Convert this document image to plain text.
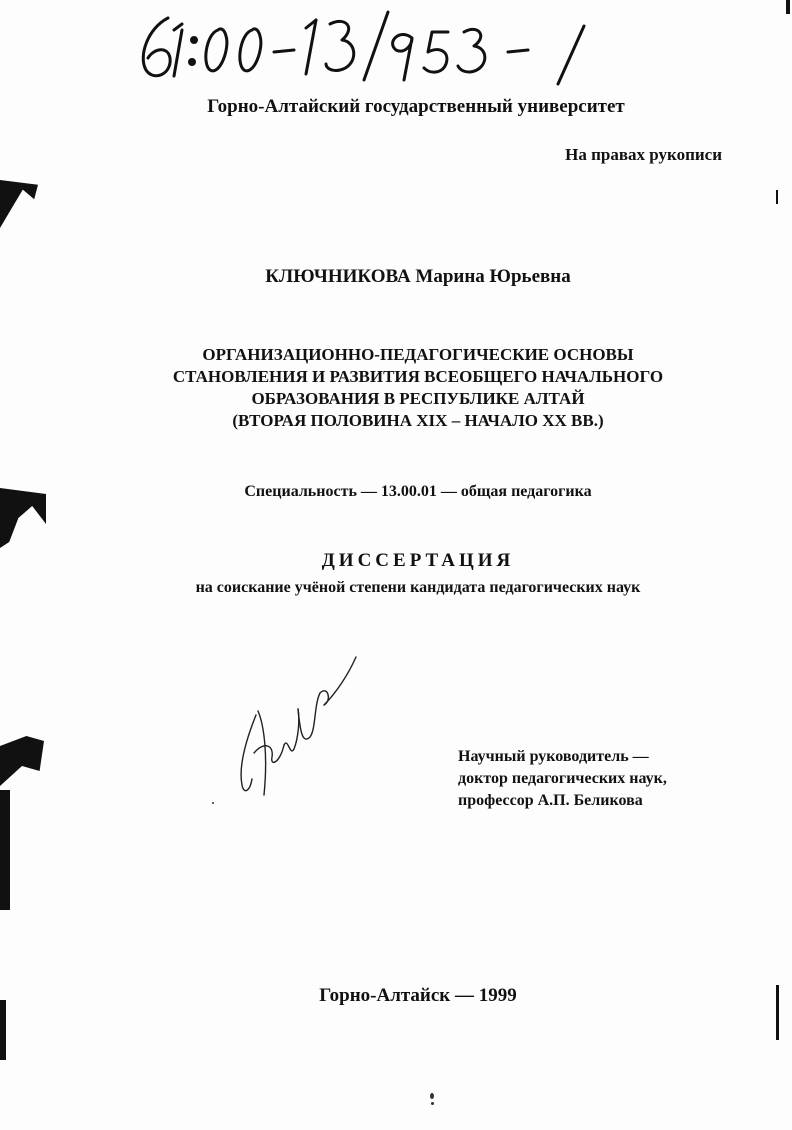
Горно-Алтайский государственный университет
На правах рукописи
КЛЮЧНИКОВА Марина Юрьевна
ОРГАНИЗАЦИОННО-ПЕДАГОГИЧЕСКИЕ ОСНОВЫ
СТАНОВЛЕНИЯ И РАЗВИТИЯ ВСЕОБЩЕГО НАЧАЛЬНОГО
ОБРАЗОВАНИЯ В РЕСПУБЛИКЕ АЛТАЙ
(ВТОРАЯ ПОЛОВИНА XIX – НАЧАЛО XX ВВ.)
Специальность — 13.00.01 — общая педагогика
ДИССЕРТАЦИЯ
на соискание учёной степени кандидата педагогических наук
Научный руководитель —
доктор педагогических наук,
профессор А.П. Беликова
Горно-Алтайск — 1999
